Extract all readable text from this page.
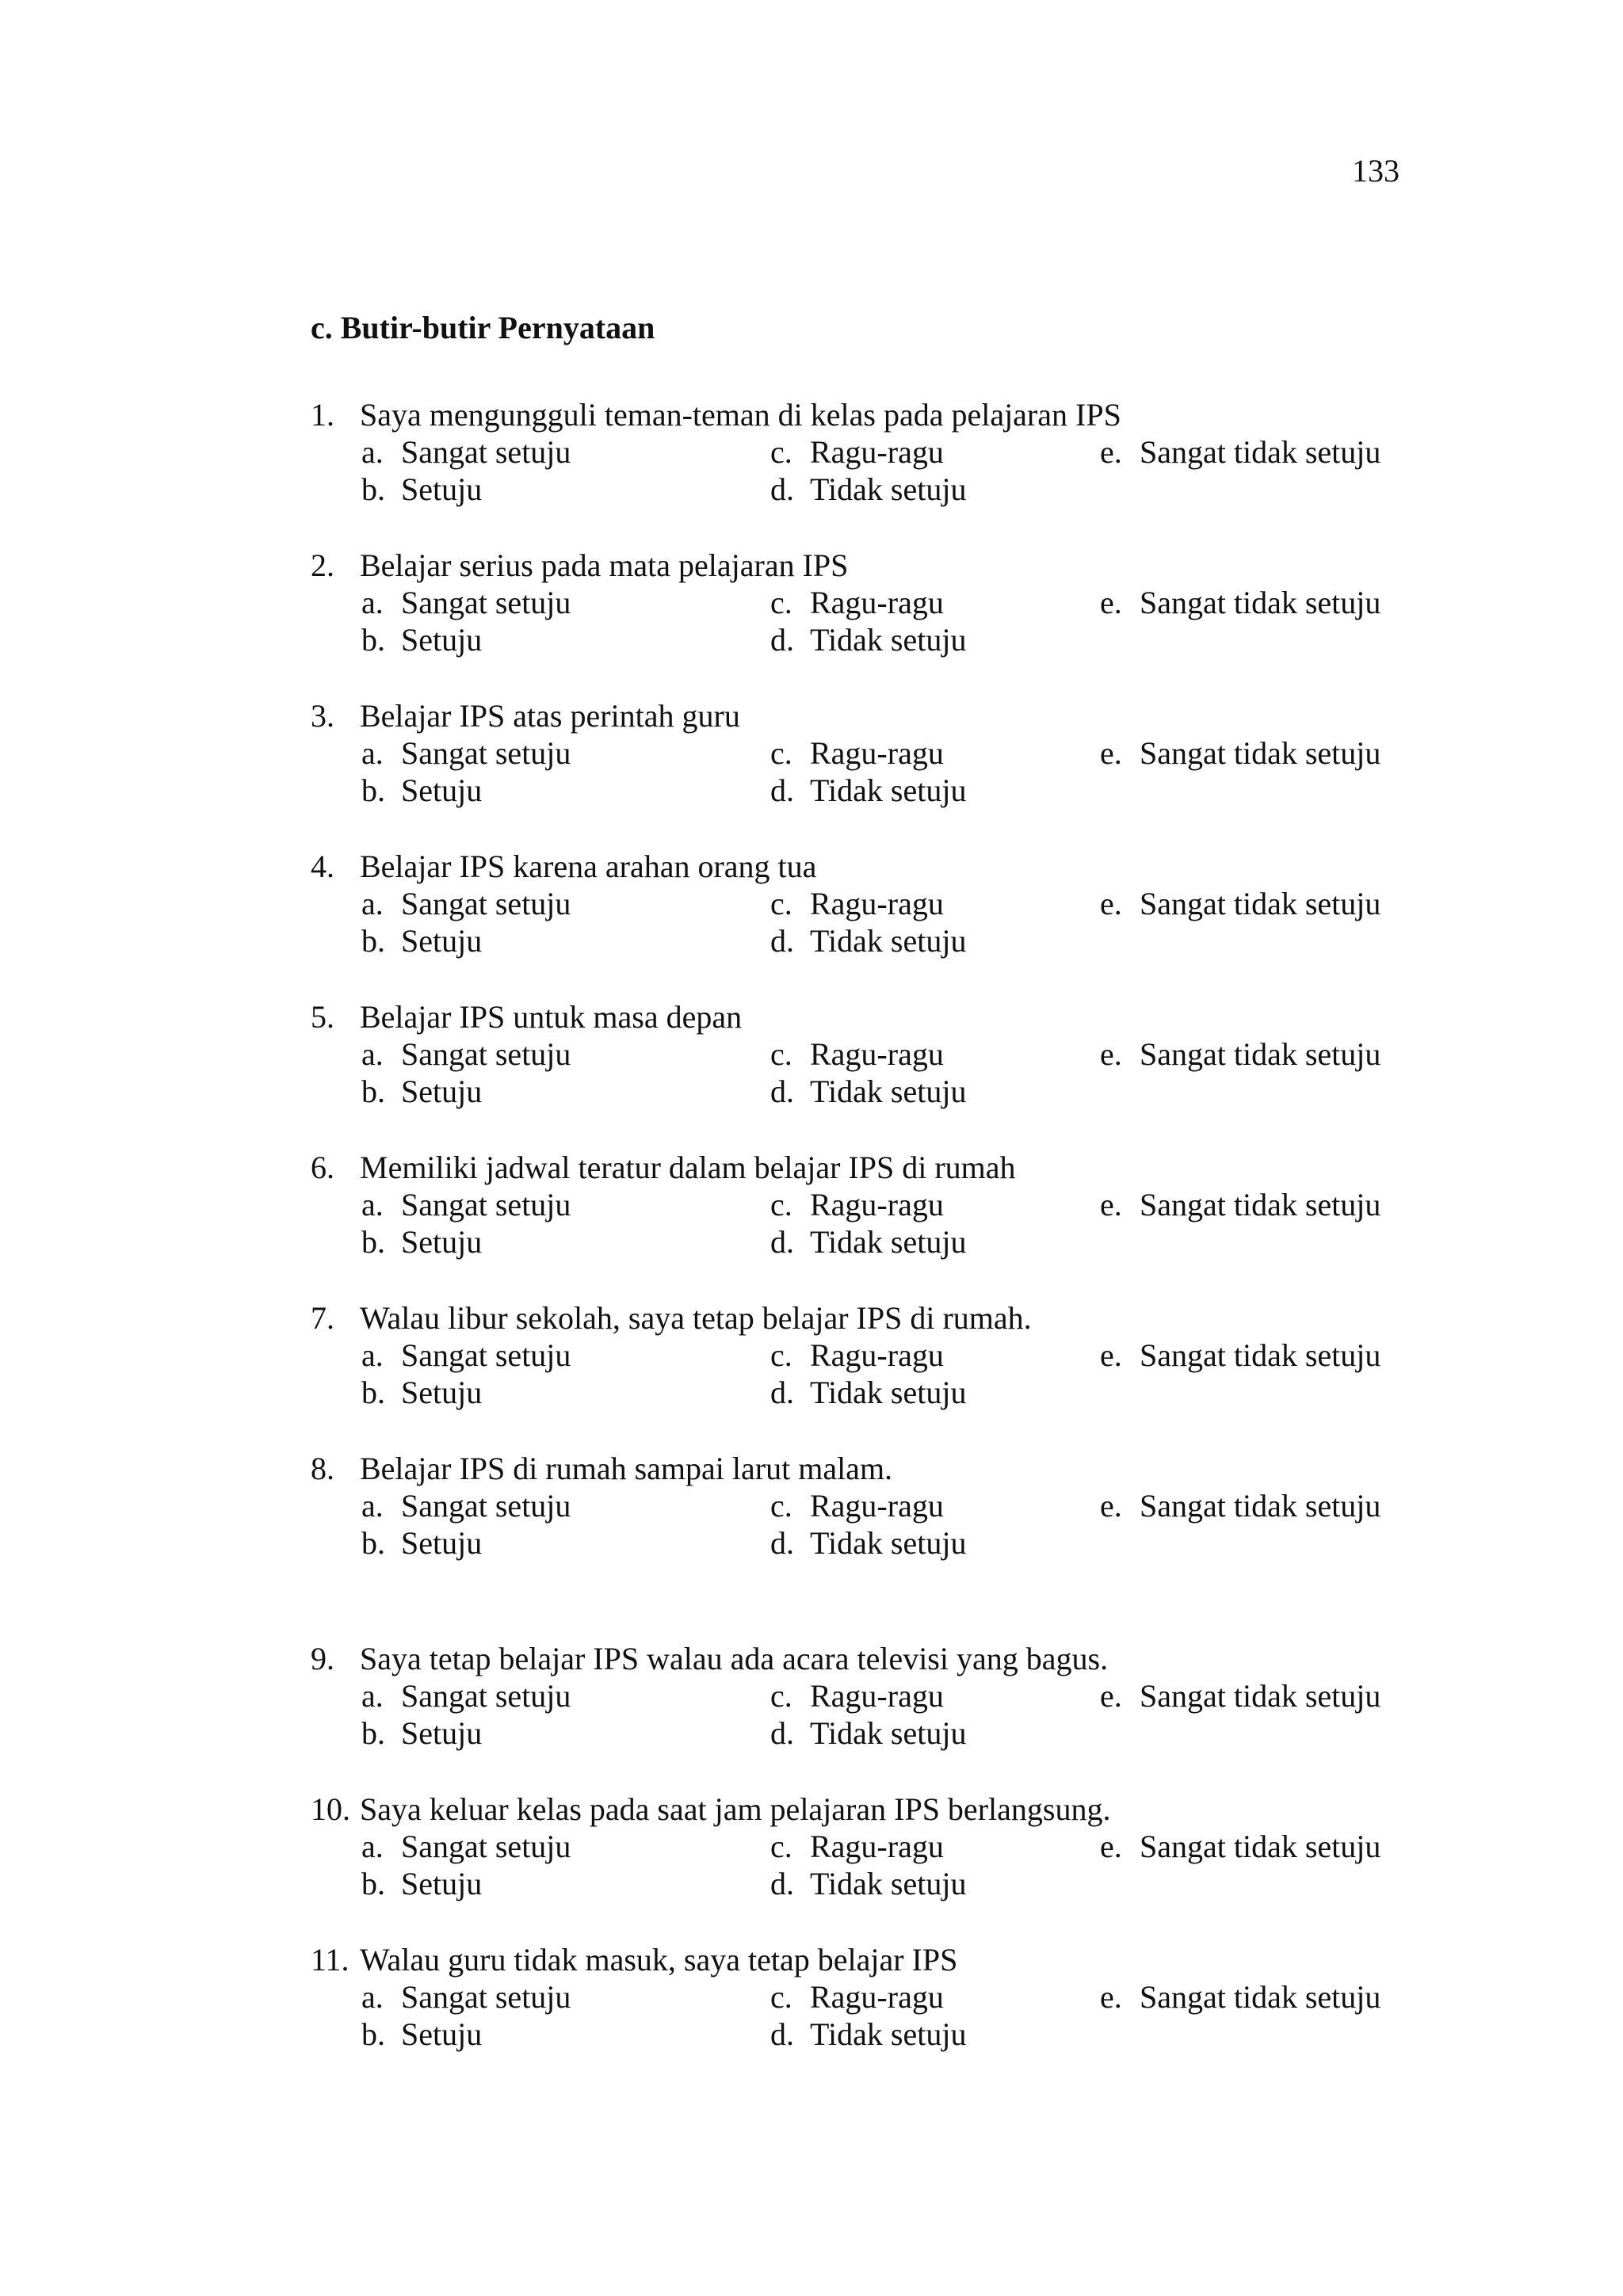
133
c. Butir-butir Pernyataan
1. Saya mengungguli teman-teman di kelas pada pelajaran IPS
a. Sangat setuju	c. Ragu-ragu	e. Sangat tidak setuju
b. Setuju	d. Tidak setuju
2. Belajar serius pada mata pelajaran IPS
a. Sangat setuju	c. Ragu-ragu	e. Sangat tidak setuju
b. Setuju	d. Tidak setuju
3. Belajar IPS atas perintah guru
a. Sangat setuju	c. Ragu-ragu	e. Sangat tidak setuju
b. Setuju	d. Tidak setuju
4. Belajar IPS karena arahan orang tua
a. Sangat setuju	c. Ragu-ragu	e. Sangat tidak setuju
b. Setuju	d. Tidak setuju
5. Belajar IPS untuk masa depan
a. Sangat setuju	c. Ragu-ragu	e. Sangat tidak setuju
b. Setuju	d. Tidak setuju
6. Memiliki jadwal teratur dalam belajar IPS di rumah
a. Sangat setuju	c. Ragu-ragu	e. Sangat tidak setuju
b. Setuju	d. Tidak setuju
7. Walau libur sekolah, saya tetap belajar IPS di rumah.
a. Sangat setuju	c. Ragu-ragu	e. Sangat tidak setuju
b. Setuju	d. Tidak setuju
8. Belajar IPS di rumah sampai larut malam.
a. Sangat setuju	c. Ragu-ragu	e. Sangat tidak setuju
b. Setuju	d. Tidak setuju
9. Saya tetap belajar IPS walau ada acara televisi yang bagus.
a. Sangat setuju	c. Ragu-ragu	e. Sangat tidak setuju
b. Setuju	d. Tidak setuju
10. Saya keluar kelas pada saat jam pelajaran IPS berlangsung.
a. Sangat setuju	c. Ragu-ragu	e. Sangat tidak setuju
b. Setuju	d. Tidak setuju
11. Walau guru tidak masuk, saya tetap belajar IPS
a. Sangat setuju	c. Ragu-ragu	e. Sangat tidak setuju
b. Setuju	d. Tidak setuju
